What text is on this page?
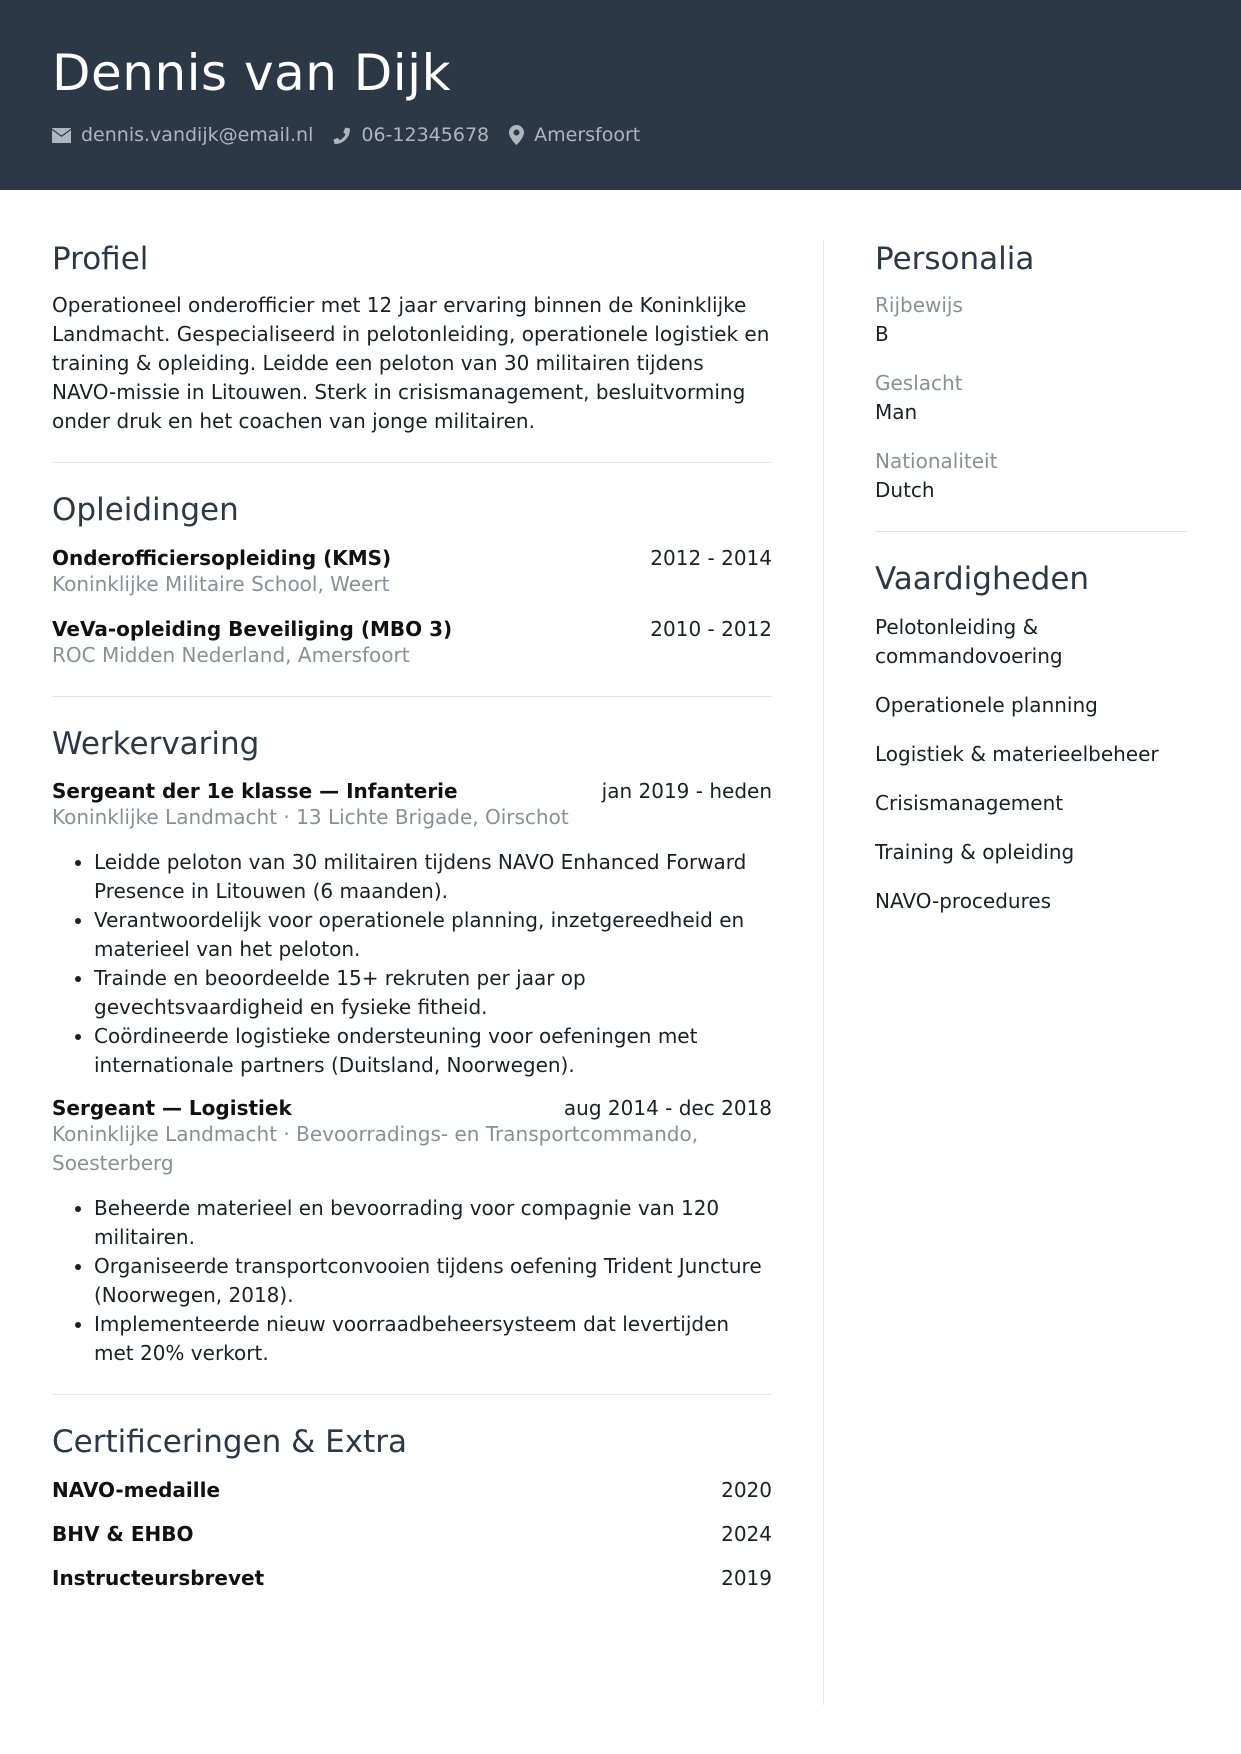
Dennis van Dijk
dennis.vandijk@email.nl	06-12345678 Amersfoort
Profiel

Operationeel onderofficier met 12 jaar ervaring binnen de Koninklijke Landmacht. Gespecialiseerd in pelotonleiding, operationele logistiek en training & opleiding. Leidde een peloton van 30 militairen tijdens NAVO-missie in Litouwen. Sterk in crisismanagement, besluitvorming onder druk en het coachen van jonge militairen.

Opleidingen
Onderofficiersopleiding (KMS)	2012 - 2014
Koninklijke Militaire School, Weert
VeVa-opleiding Beveiliging (MBO 3)	2010 - 2012
ROC Midden Nederland, Amersfoort
Werkervaring
Sergeant der 1e klasse — Infanterie	jan 2019 - heden
Koninklijke Landmacht · 13 Lichte Brigade, Oirschot
• Leidde peloton van 30 militairen tijdens NAVO Enhanced Forward Presence in Litouwen (6 maanden).
• Verantwoordelijk voor operationele planning, inzetgereedheid en materieel van het peloton.
• Trainde en beoordeelde 15+ rekruten per jaar op gevechtsvaardigheid en fysieke fitheid.
• Coördineerde logistieke ondersteuning voor oefeningen met internationale partners (Duitsland, Noorwegen).
Sergeant — Logistiek	aug 2014 - dec 2018
Koninklijke Landmacht · Bevoorradings- en Transportcommando, Soesterberg
• Beheerde materieel en bevoorrading voor compagnie van 120 militairen.
• Organiseerde transportconvooien tijdens oefening Trident Juncture (Noorwegen, 2018).
• Implementeerde nieuw voorraadbeheersysteem dat levertijden met 20% verkort.
Certificeringen & Extra
NAVO-medaille	2020
BHV & EHBO	2024
Instructeursbrevet	2019
Personalia
Rijbewijs
B
Geslacht
Man
Nationaliteit
Dutch
Vaardigheden
Pelotonleiding & commandovoering
Operationele planning
Logistiek & materieelbeheer
Crisismanagement
Training & opleiding
NAVO-procedures
